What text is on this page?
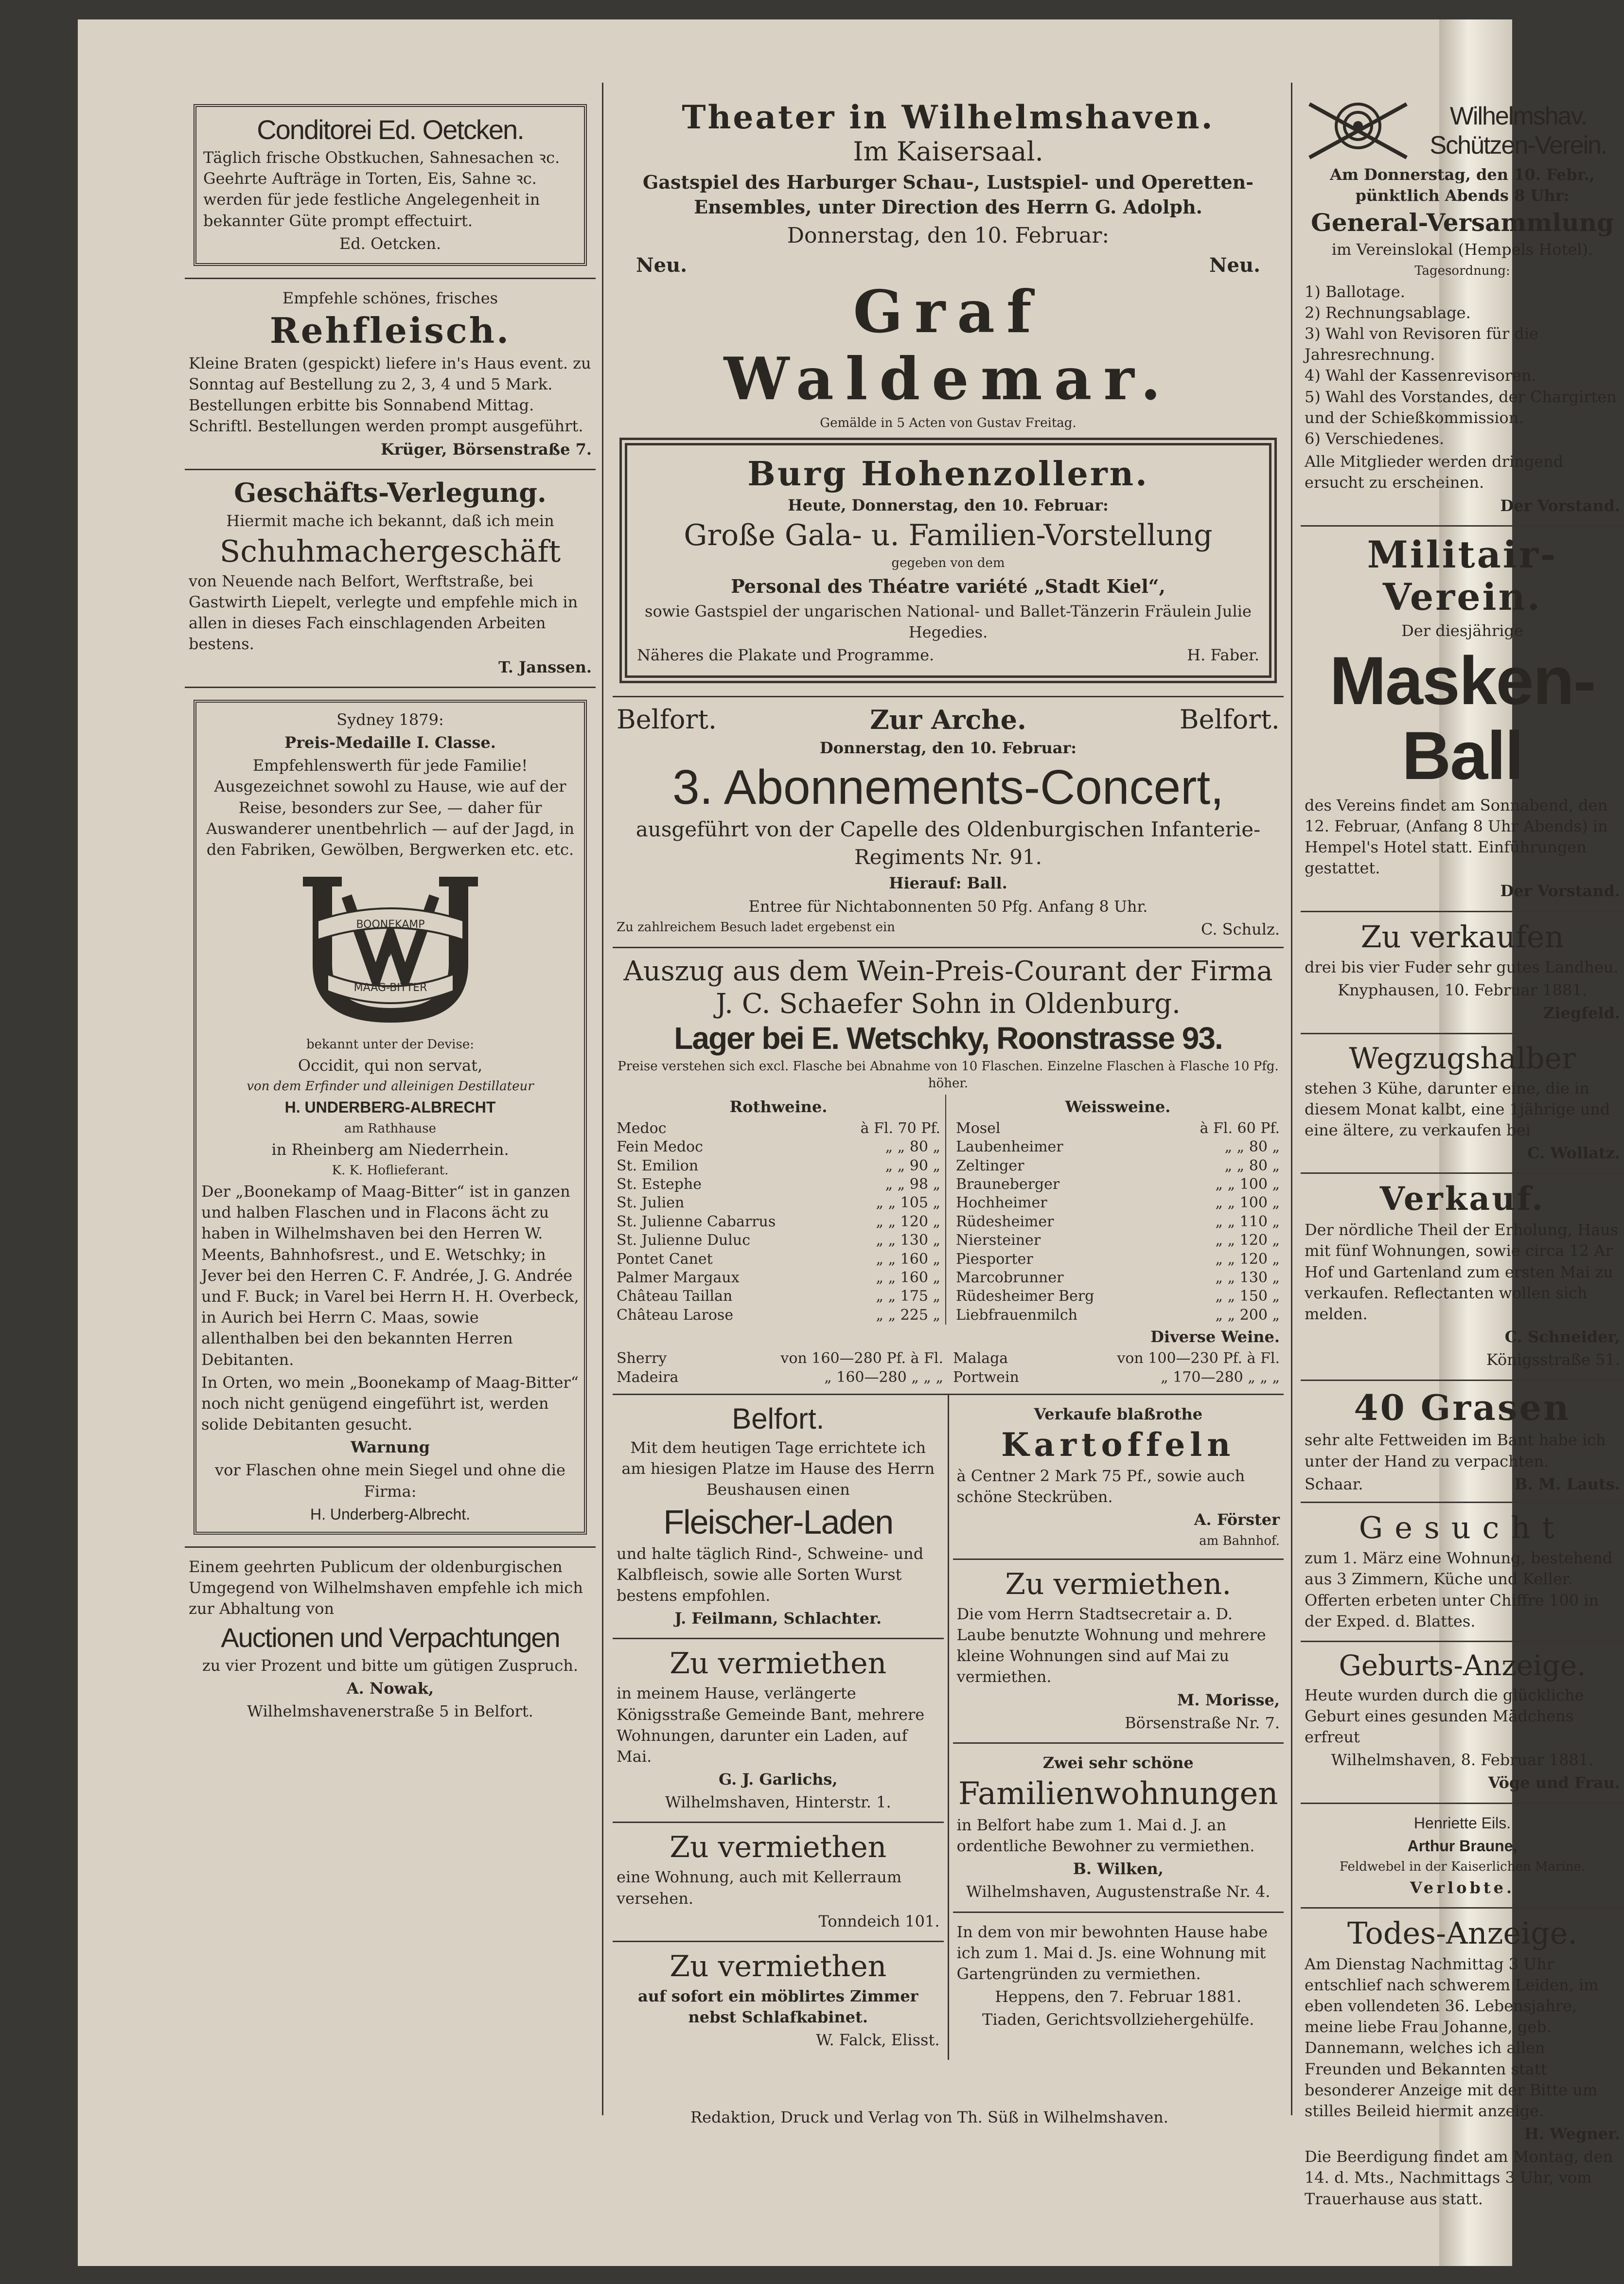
Conditorei Ed. Oetcken.

Täglich frische Obstkuchen, Sahnesachen ꝛc. Geehrte Aufträge in Torten, Eis, Sahne ꝛc. werden für jede festliche Angelegenheit in bekannter Güte prompt effectuirt.

Ed. Oetcken.

Empfehle schönes, frisches

Rehfleisch.

Kleine Braten (gespickt) liefere in's Haus event. zu Sonntag auf Bestellung zu 2, 3, 4 und 5 Mark. Bestellungen erbitte bis Sonnabend Mittag. Schriftl. Bestellungen werden prompt ausgeführt.

Krüger, Börsenstraße 7.

Geschäfts-Verlegung.

Hiermit mache ich bekannt, daß ich mein

Schuhmachergeschäft

von Neuende nach Belfort, Werftstraße, bei Gastwirth Liepelt, verlegte und empfehle mich in allen in dieses Fach einschlagenden Arbeiten bestens.

T. Janssen.

Sydney 1879:

Preis-Medaille I. Classe.

Empfehlenswerth für jede Familie! Ausgezeichnet sowohl zu Hause, wie auf der Reise, besonders zur See, — daher für Auswanderer unentbehrlich — auf der Jagd, in den Fabriken, Gewölben, Bergwerken etc. etc.

BOONEKAMP
OF
MAAG-BITTER

bekannt unter der Devise:

Occidit, qui non servat,

von dem Erfinder und alleinigen Destillateur

H. UNDERBERG-ALBRECHT

am Rathhause

in Rheinberg am Niederrhein.

K. K. Hoflieferant.

Der „Boonekamp of Maag-Bitter“ ist in ganzen und halben Flaschen und in Flacons ächt zu haben in Wilhelmshaven bei den Herren W. Meents, Bahnhofsrest., und E. Wetschky; in Jever bei den Herren C. F. Andrée, J. G. Andrée und F. Buck; in Varel bei Herrn H. H. Overbeck, in Aurich bei Herrn C. Maas, sowie allenthalben bei den bekannten Herren Debitanten.

In Orten, wo mein „Boonekamp of Maag-Bitter“ noch nicht genügend eingeführt ist, werden solide Debitanten gesucht.

Warnung

vor Flaschen ohne mein Siegel und ohne die Firma:

H. Underberg-Albrecht.

Einem geehrten Publicum der oldenburgischen Umgegend von Wilhelmshaven empfehle ich mich zur Abhaltung von

Auctionen und Verpachtungen

zu vier Prozent und bitte um gütigen Zuspruch.

A. Nowak,

Wilhelmshavenerstraße 5 in Belfort.

Theater in Wilhelmshaven.
Im Kaisersaal.

Gastspiel des Harburger Schau-, Lustspiel- und Operetten-Ensembles, unter Direction des Herrn G. Adolph.

Donnerstag, den 10. Februar:

Neu.	Neu.
Graf Waldemar.

Gemälde in 5 Acten von Gustav Freitag.

Burg Hohenzollern.

Heute, Donnerstag, den 10. Februar:

Große Gala- u. Familien-Vorstellung

gegeben von dem

Personal des Théatre variété „Stadt Kiel“,

sowie Gastspiel der ungarischen National- und Ballet-Tänzerin Fräulein Julie Hegedies.

Näheres die Plakate und Programme.	H. Faber.
Belfort.	Zur Arche.	Belfort.

Donnerstag, den 10. Februar:

3. Abonnements-Concert,

ausgeführt von der Capelle des Oldenburgischen Infanterie-Regiments Nr. 91.

Hierauf: Ball.

Entree für Nichtabonnenten 50 Pfg. Anfang 8 Uhr.

Zu zahlreichem Besuch ladet ergebenst ein	C. Schulz.
Auszug aus dem Wein-Preis-Courant der Firma J. C. Schaefer Sohn in Oldenburg.
Lager bei E. Wetschky, Roonstrasse 93.

Preise verstehen sich excl. Flasche bei Abnahme von 10 Flaschen. Einzelne Flaschen à Flasche 10 Pfg. höher.

Rothweine.

Medoc	à Fl. 70 Pf.
Fein Medoc	„ „ 80 „
St. Emilion	„ „ 90 „
St. Estephe	„ „ 98 „
St. Julien	„ „ 105 „
St. Julienne Cabarrus	„ „ 120 „
St. Julienne Duluc	„ „ 130 „
Pontet Canet	„ „ 160 „
Palmer Margaux	„ „ 160 „
Château Taillan	„ „ 175 „
Château Larose	„ „ 225 „

Weissweine.

Mosel	à Fl. 60 Pf.
Laubenheimer	„ „ 80 „
Zeltinger	„ „ 80 „
Brauneberger	„ „ 100 „
Hochheimer	„ „ 100 „
Rüdesheimer	„ „ 110 „
Niersteiner	„ „ 120 „
Piesporter	„ „ 120 „
Marcobrunner	„ „ 130 „
Rüdesheimer Berg	„ „ 150 „
Liebfrauenmilch	„ „ 200 „

Diverse Weine.

Sherry	von 160—280 Pf. à Fl.
Madeira	„ 160—280 „ „ „
Malaga	von 100—230 Pf. à Fl.
Portwein	„ 170—280 „ „ „
Belfort.

Mit dem heutigen Tage errichtete ich am hiesigen Platze im Hause des Herrn Beushausen einen

Fleischer-Laden

und halte täglich Rind-, Schweine- und Kalbfleisch, sowie alle Sorten Wurst bestens empfohlen.

J. Feilmann, Schlachter.

Zu vermiethen

in meinem Hause, verlängerte Königsstraße Gemeinde Bant, mehrere Wohnungen, darunter ein Laden, auf Mai.

G. J. Garlichs,

Wilhelmshaven, Hinterstr. 1.

Zu vermiethen

eine Wohnung, auch mit Kellerraum versehen.

Tonndeich 101.

Zu vermiethen

auf sofort ein möblirtes Zimmer nebst Schlafkabinet.

W. Falck, Elisst.

Verkaufe blaßrothe

Kartoffeln

à Centner 2 Mark 75 Pf., sowie auch schöne Steckrüben.

A. Förster

am Bahnhof.

Zu vermiethen.

Die vom Herrn Stadtsecretair a. D. Laube benutzte Wohnung und mehrere kleine Wohnungen sind auf Mai zu vermiethen.

M. Morisse,

Börsenstraße Nr. 7.

Zwei sehr schöne

Familienwohnungen

in Belfort habe zum 1. Mai d. J. an ordentliche Bewohner zu vermiethen.

B. Wilken,

Wilhelmshaven, Augustenstraße Nr. 4.

In dem von mir bewohnten Hause habe ich zum 1. Mai d. Js. eine Wohnung mit Gartengründen zu vermiethen.

Heppens, den 7. Februar 1881.

Tiaden, Gerichtsvollziehergehülfe.

Wilhelmshav.
Schützen-Verein.

Am Donnerstag, den 10. Febr., pünktlich Abends 8 Uhr:

General-Versammlung

im Vereinslokal (Hempels Hotel).

Tagesordnung:

1) Ballotage.
2) Rechnungsablage.
3) Wahl von Revisoren für die Jahresrechnung.
4) Wahl der Kassenrevisoren.
5) Wahl des Vorstandes, der Chargirten und der Schießkommission.
6) Verschiedenes.

Alle Mitglieder werden dringend ersucht zu erscheinen.

Der Vorstand.

Militair-Verein.

Der diesjährige

Masken-Ball

des Vereins findet am Sonnabend, den 12. Februar, (Anfang 8 Uhr Abends) in Hempel's Hotel statt. Einführungen gestattet.

Der Vorstand.

Zu verkaufen

drei bis vier Fuder sehr gutes Landheu.

Knyphausen, 10. Februar 1881.

Ziegfeld.

Wegzugshalber

stehen 3 Kühe, darunter eine, die in diesem Monat kalbt, eine 1jährige und eine ältere, zu verkaufen bei

C. Wollatz.

Verkauf.

Der nördliche Theil der Erholung, Haus mit fünf Wohnungen, sowie circa 12 Ar Hof und Gartenland zum ersten Mai zu verkaufen. Reflectanten wollen sich melden.

C. Schneider,

Königsstraße 51.

40 Grasen

sehr alte Fettweiden im Bant habe ich unter der Hand zu verpachten.

Schaar.	B. M. Lauts.
Gesucht

zum 1. März eine Wohnung, bestehend aus 3 Zimmern, Küche und Keller. Offerten erbeten unter Chiffre 100 in der Exped. d. Blattes.

Geburts-Anzeige.

Heute wurden durch die glückliche Geburt eines gesunden Mädchens erfreut

Wilhelmshaven, 8. Februar 1881.

Vöge und Frau.

Henriette Eils.

Arthur Braune,

Feldwebel in der Kaiserlichen Marine.

Verlobte.

Todes-Anzeige.

Am Dienstag Nachmittag 3 Uhr entschlief nach schwerem Leiden, im eben vollendeten 36. Lebensjahre, meine liebe Frau Johanne, geb. Dannemann, welches ich allen Freunden und Bekannten statt besonderer Anzeige mit der Bitte um stilles Beileid hiermit anzeige.

H. Wegner.

Die Beerdigung findet am Montag, den 14. d. Mts., Nachmittags 3 Uhr, vom Trauerhause aus statt.

Redaktion, Druck und Verlag von Th. Süß in Wilhelmshaven.
